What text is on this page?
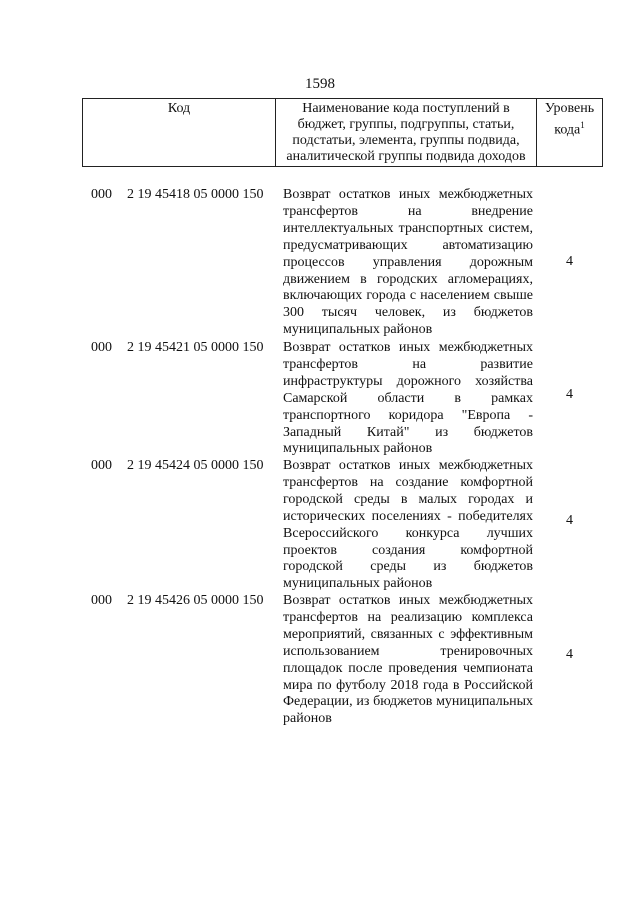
1598
Код	Наименование кода поступлений в бюджет, группы, подгруппы, статьи, подстатьи, элемента, группы подвида, аналитической группы подвида доходов
Уровень кода$^1$
000 2 19 45418 05 0000 150 Возврат остатков иных межбюджетных трансфертов на внедрение интеллектуальных транспортных систем, предусматривающих автоматизацию процессов управления дорожным движением в городских агломерациях, включающих города с населением свыше 300 тысяч человек, из бюджетов муниципальных районов
4
000 2 19 45421 05 0000 150 Возврат остатков иных межбюджетных трансфертов на развитие инфраструктуры дорожного хозяйства Самарской области в рамках транспортного коридора "Европа - Западный Китай" из бюджетов муниципальных районов
4
000 2 19 45424 05 0000 150 Возврат остатков иных межбюджетных трансфертов на создание комфортной городской среды в малых городах и исторических поселениях - победителях Всероссийского конкурса лучших проектов создания комфортной городской среды из бюджетов муниципальных районов
4
000 2 19 45426 05 0000 150 Возврат остатков иных межбюджетных трансфертов на реализацию комплекса мероприятий, связанных с эффективным использованием тренировочных площадок после проведения чемпионата мира по футболу 2018 года в Российской Федерации, из бюджетов муниципальных районов
4
